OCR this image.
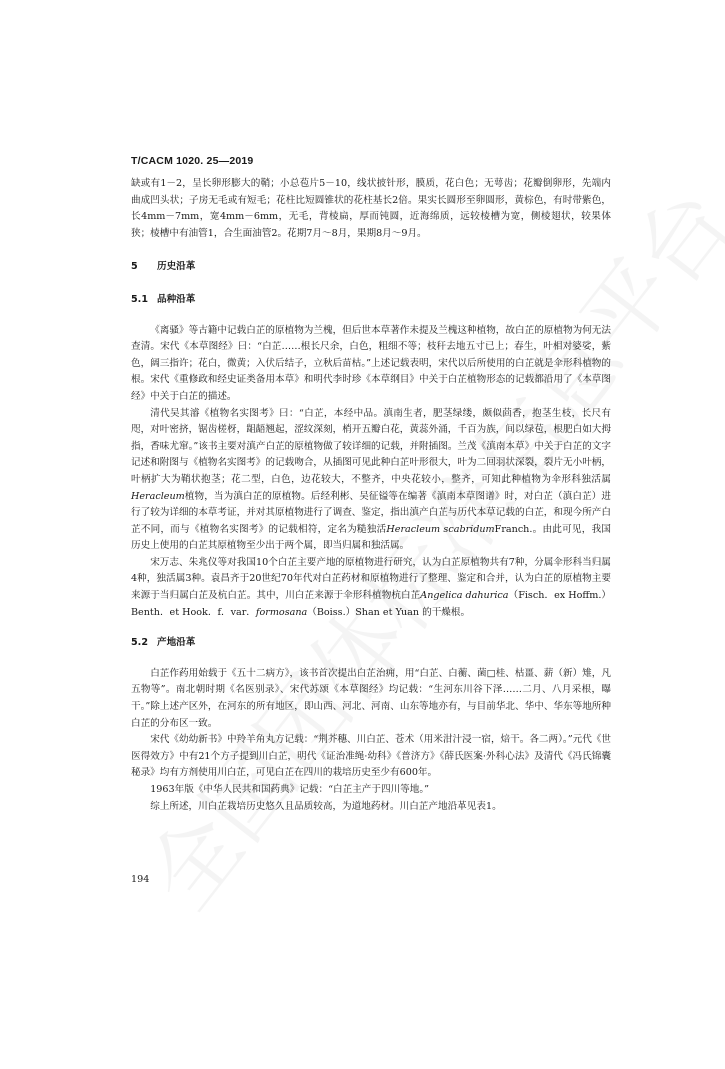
T/CACM 1020. 25—2019

缺或有1－2，呈长卵形膨大的鞘；小总苞片5－10，线状披针形，膜质，花白色；无萼齿；花瓣倒卵形，先端内曲成凹头状；子房无毛或有短毛；花柱比短圆锥状的花柱基长2倍。果实长圆形至卵圆形，黄棕色，有时带紫色，长4mm－7mm，宽4mm－6mm，无毛，背棱扁，厚而钝圆，近海绵质，远较棱槽为宽，侧棱翅状，较果体狭；棱槽中有油管1，合生面油管2。花期7月～8月，果期8月～9月。

5 历史沿革

5.1 品种沿革

《离骚》等古籍中记载白芷的原植物为兰槐，但后世本草著作未提及兰槐这种植物，故白芷的原植物为何无法查清。宋代《本草图经》曰：“白芷……根长尺余，白色，粗细不等；枝秆去地五寸已上；春生，叶相对婆娑，紫色，阔三指许；花白，微黄；入伏后结子，立秋后苗枯。”上述记载表明，宋代以后所使用的白芷就是伞形科植物的根。宋代《重修政和经史证类备用本草》和明代李时珍《本草纲目》中关于白芷植物形态的记载都沿用了《本草图经》中关于白芷的描述。

清代吴其濬《植物名实图考》曰：“白芷，本经中品。滇南生者，肥茎绿缕，颇似茴香，抱茎生枝，长尺有咫，对叶密挤，锯齿槎枒，龃龉翘起，涩纹深刻，梢开五瓣白花，黄蕊外涌，千百为族，间以绿苞，根肥白如大拇指，香味尤窜。”该书主要对滇产白芷的原植物做了较详细的记载，并附插图。兰茂《滇南本草》中关于白芷的文字记述和附图与《植物名实图考》的记载吻合，从插图可见此种白芷叶形很大，叶为二回羽状深裂，裂片无小叶柄，叶柄扩大为鞘状抱茎；花二型，白色，边花较大，不整齐，中央花较小，整齐，可知此种植物为伞形科独活属Heracleum植物，当为滇白芷的原植物。后经利彬、吴征镒等在编著《滇南本草图谱》时，对白芷（滇白芷）进行了较为详细的本草考证，并对其原植物进行了调查、鉴定，指出滇产白芷与历代本草记载的白芷，和现今所产白芷不同，而与《植物名实图考》的记载相符，定名为糙独活Heracleum scabridumFranch.。由此可见，我国历史上使用的白芷其原植物至少出于两个属，即当归属和独活属。

宋万志、朱兆仪等对我国10个白芷主要产地的原植物进行研究，认为白芷原植物共有7种，分属伞形科当归属4种，独活属3种。袁昌齐于20世纪70年代对白芷药材和原植物进行了整理、鉴定和合并，认为白芷的原植物主要来源于当归属白芷及杭白芷。其中，川白芷来源于伞形科植物杭白芷Angelica dahurica（Fisch．ex Hoffm.）Benth．et Hook．f．var．formosana（Boiss.）Shan et Yuan 的干燥根。

5.2 产地沿革

白芷作药用始载于《五十二病方》，该书首次提出白芷治痈，用“白芷、白蘅、菌□桂、枯畺、薪（新）雉，凡五物等”。南北朝时期《名医别录》、宋代苏颂《本草图经》均记载：“生河东川谷下泽……二月、八月采根，曝干。”除上述产区外，在河东的所有地区，即山西、河北、河南、山东等地亦有，与目前华北、华中、华东等地所种白芷的分布区一致。

宋代《幼幼新书》中羚羊角丸方记载：“荆芥穗、川白芷、苍术（用米泔汁浸一宿，焙干。各二两）。”元代《世医得效方》中有21个方子提到川白芷，明代《证治准绳·幼科》《普济方》《薛氏医案·外科心法》及清代《冯氏锦囊秘录》均有方剂使用川白芷，可见白芷在四川的栽培历史至少有600年。

1963年版《中华人民共和国药典》记载：“白芷主产于四川等地。”

综上所述，川白芷栽培历史悠久且品质较高，为道地药材。川白芷产地沿革见表1。

194
